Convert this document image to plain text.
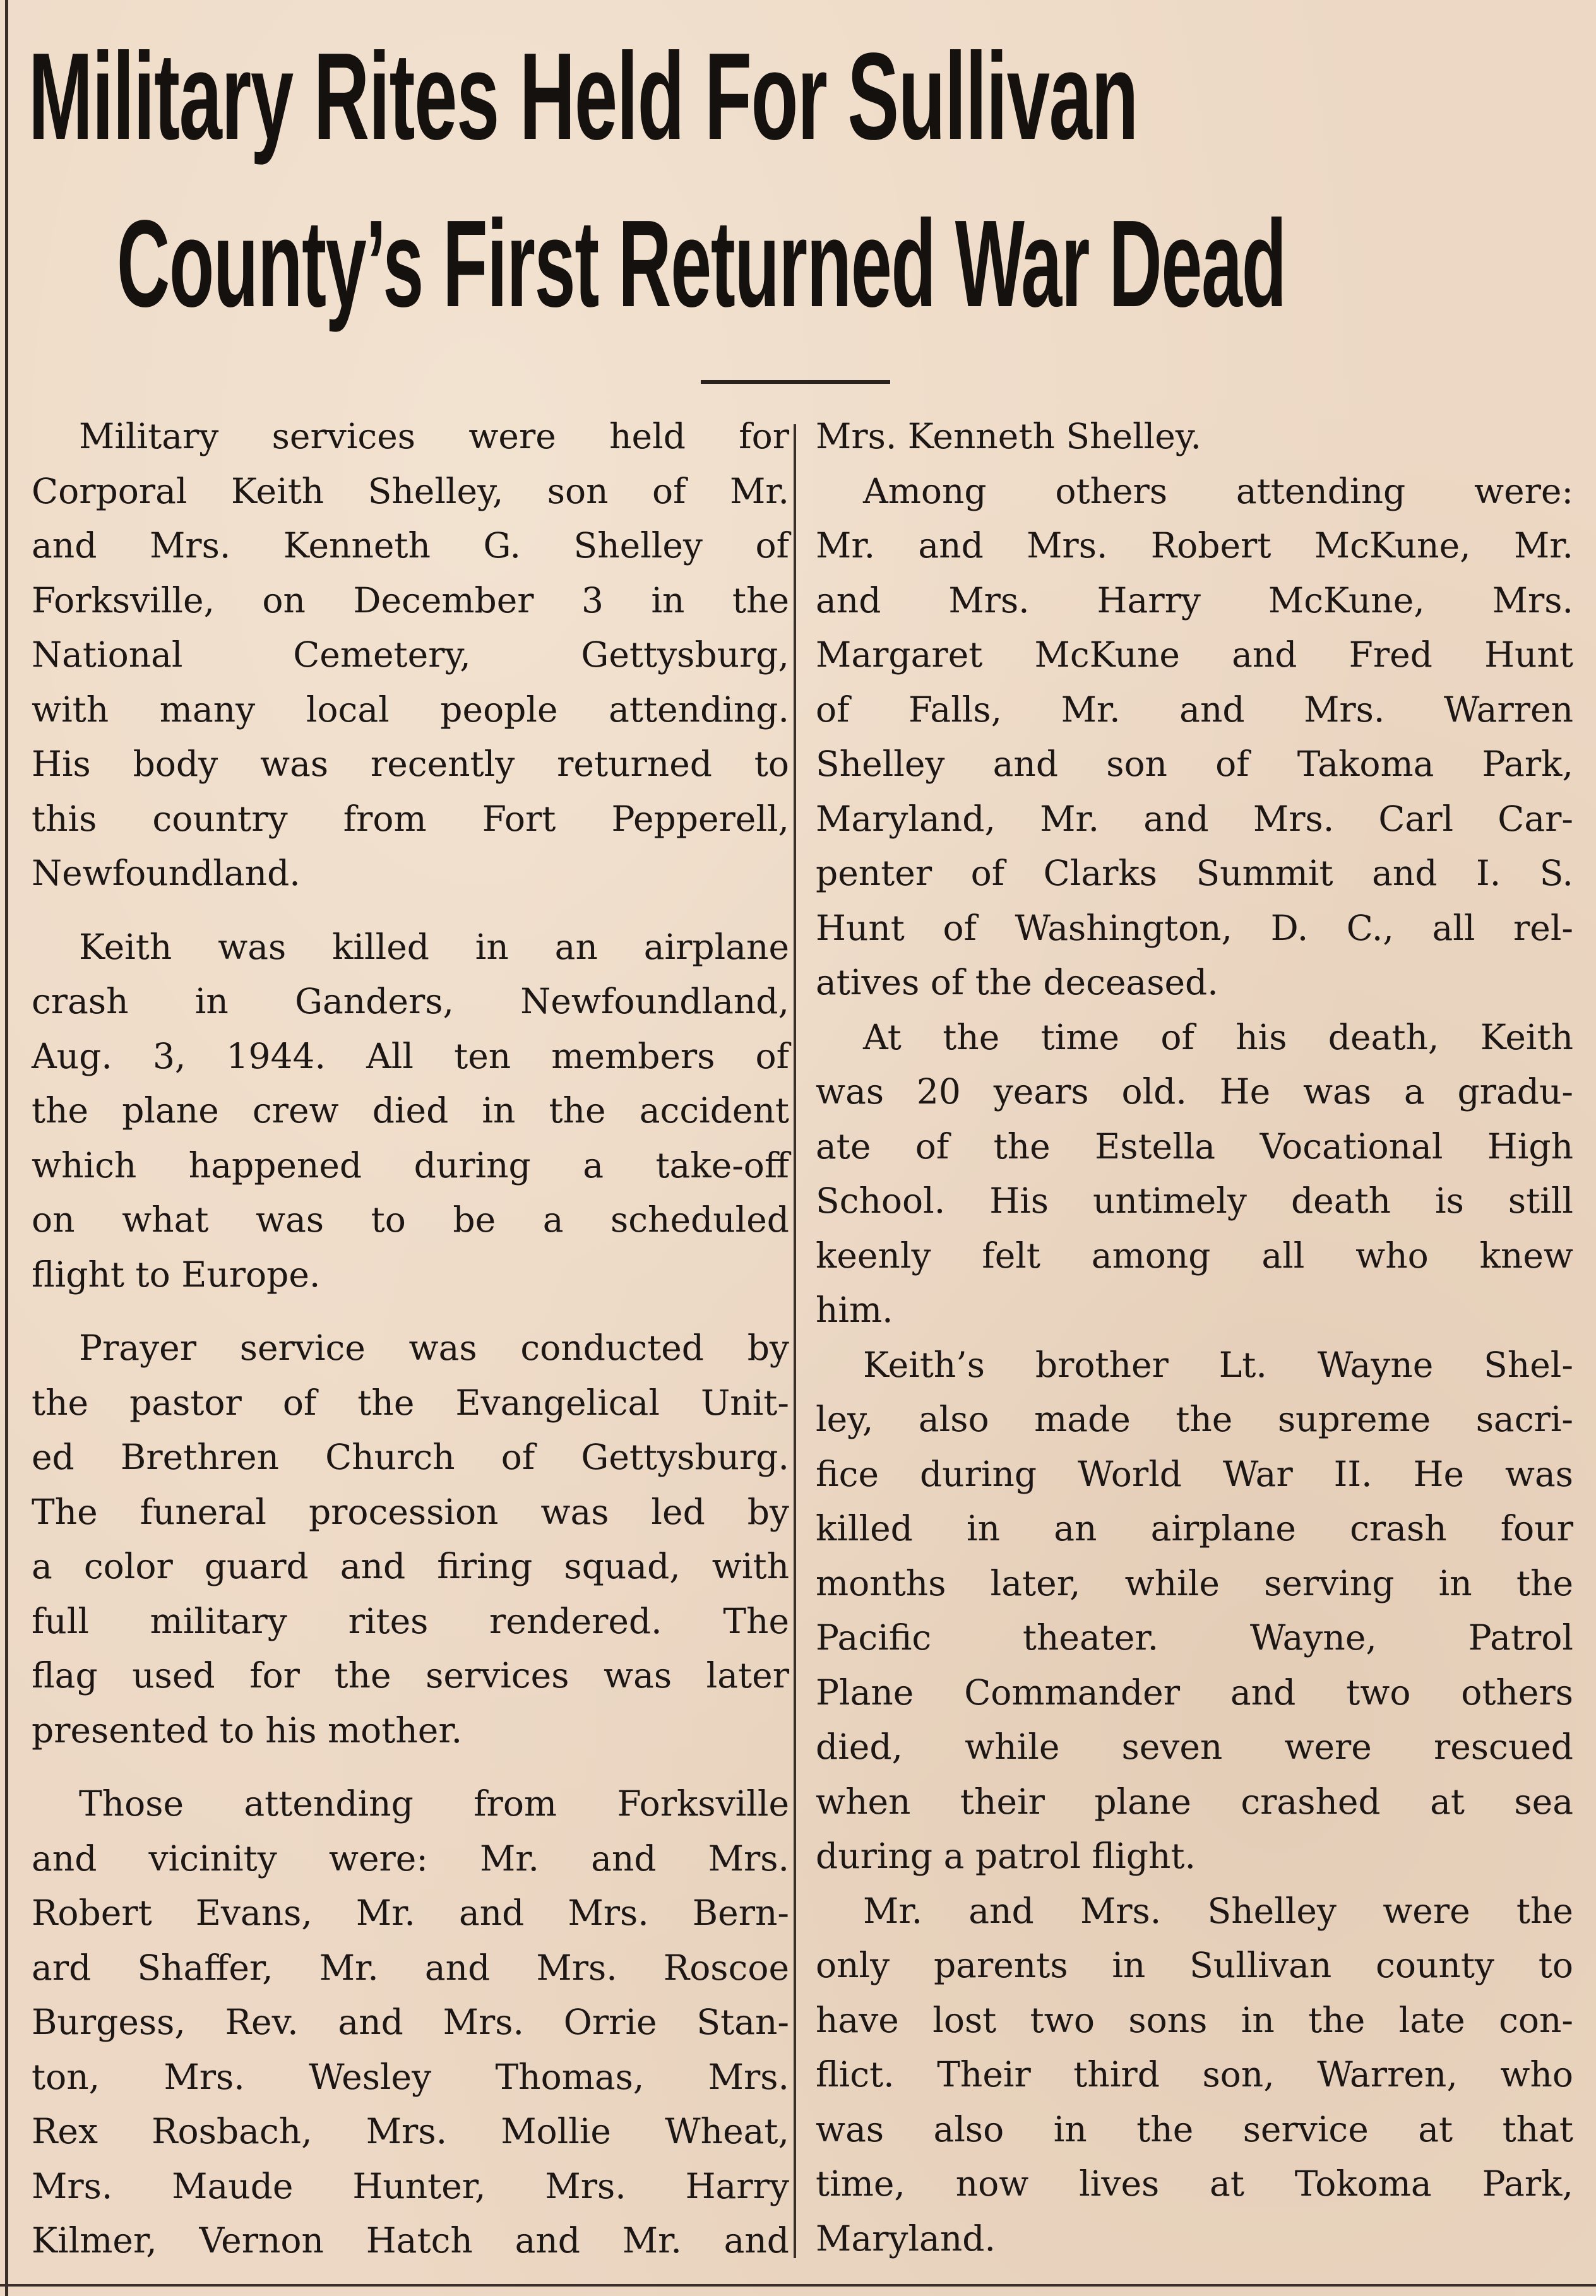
Military Rites Held For Sullivan
County’s First Returned War Dead
Military services were held for
Corporal Keith Shelley, son of Mr.
and Mrs. Kenneth G. Shelley of
Forksville, on December 3 in the
National Cemetery, Gettysburg,
with many local people attending.
His body was recently returned to
this country from Fort Pepperell,
Newfoundland.
Keith was killed in an airplane
crash in Ganders, Newfoundland,
Aug. 3, 1944. All ten members of
the plane crew died in the accident
which happened during a take-off
on what was to be a scheduled
flight to Europe.
Prayer service was conducted by
the pastor of the Evangelical Unit-
ed Brethren Church of Gettysburg.
The funeral procession was led by
a color guard and firing squad, with
full military rites rendered. The
flag used for the services was later
presented to his mother.
Those attending from Forksville
and vicinity were: Mr. and Mrs.
Robert Evans, Mr. and Mrs. Bern-
ard Shaffer, Mr. and Mrs. Roscoe
Burgess, Rev. and Mrs. Orrie Stan-
ton, Mrs. Wesley Thomas, Mrs.
Rex Rosbach, Mrs. Mollie Wheat,
Mrs. Maude Hunter, Mrs. Harry
Kilmer, Vernon Hatch and Mr. and
Mrs. Kenneth Shelley.
Among others attending were:
Mr. and Mrs. Robert McKune, Mr.
and Mrs. Harry McKune, Mrs.
Margaret McKune and Fred Hunt
of Falls, Mr. and Mrs. Warren
Shelley and son of Takoma Park,
Maryland, Mr. and Mrs. Carl Car-
penter of Clarks Summit and I. S.
Hunt of Washington, D. C., all rel-
atives of the deceased.
At the time of his death, Keith
was 20 years old. He was a gradu-
ate of the Estella Vocational High
School. His untimely death is still
keenly felt among all who knew
him.
Keith’s brother Lt. Wayne Shel-
ley, also made the supreme sacri-
fice during World War II. He was
killed in an airplane crash four
months later, while serving in the
Pacific theater. Wayne, Patrol
Plane Commander and two others
died, while seven were rescued
when their plane crashed at sea
during a patrol flight.
Mr. and Mrs. Shelley were the
only parents in Sullivan county to
have lost two sons in the late con-
flict. Their third son, Warren, who
was also in the service at that
time, now lives at Tokoma Park,
Maryland.
